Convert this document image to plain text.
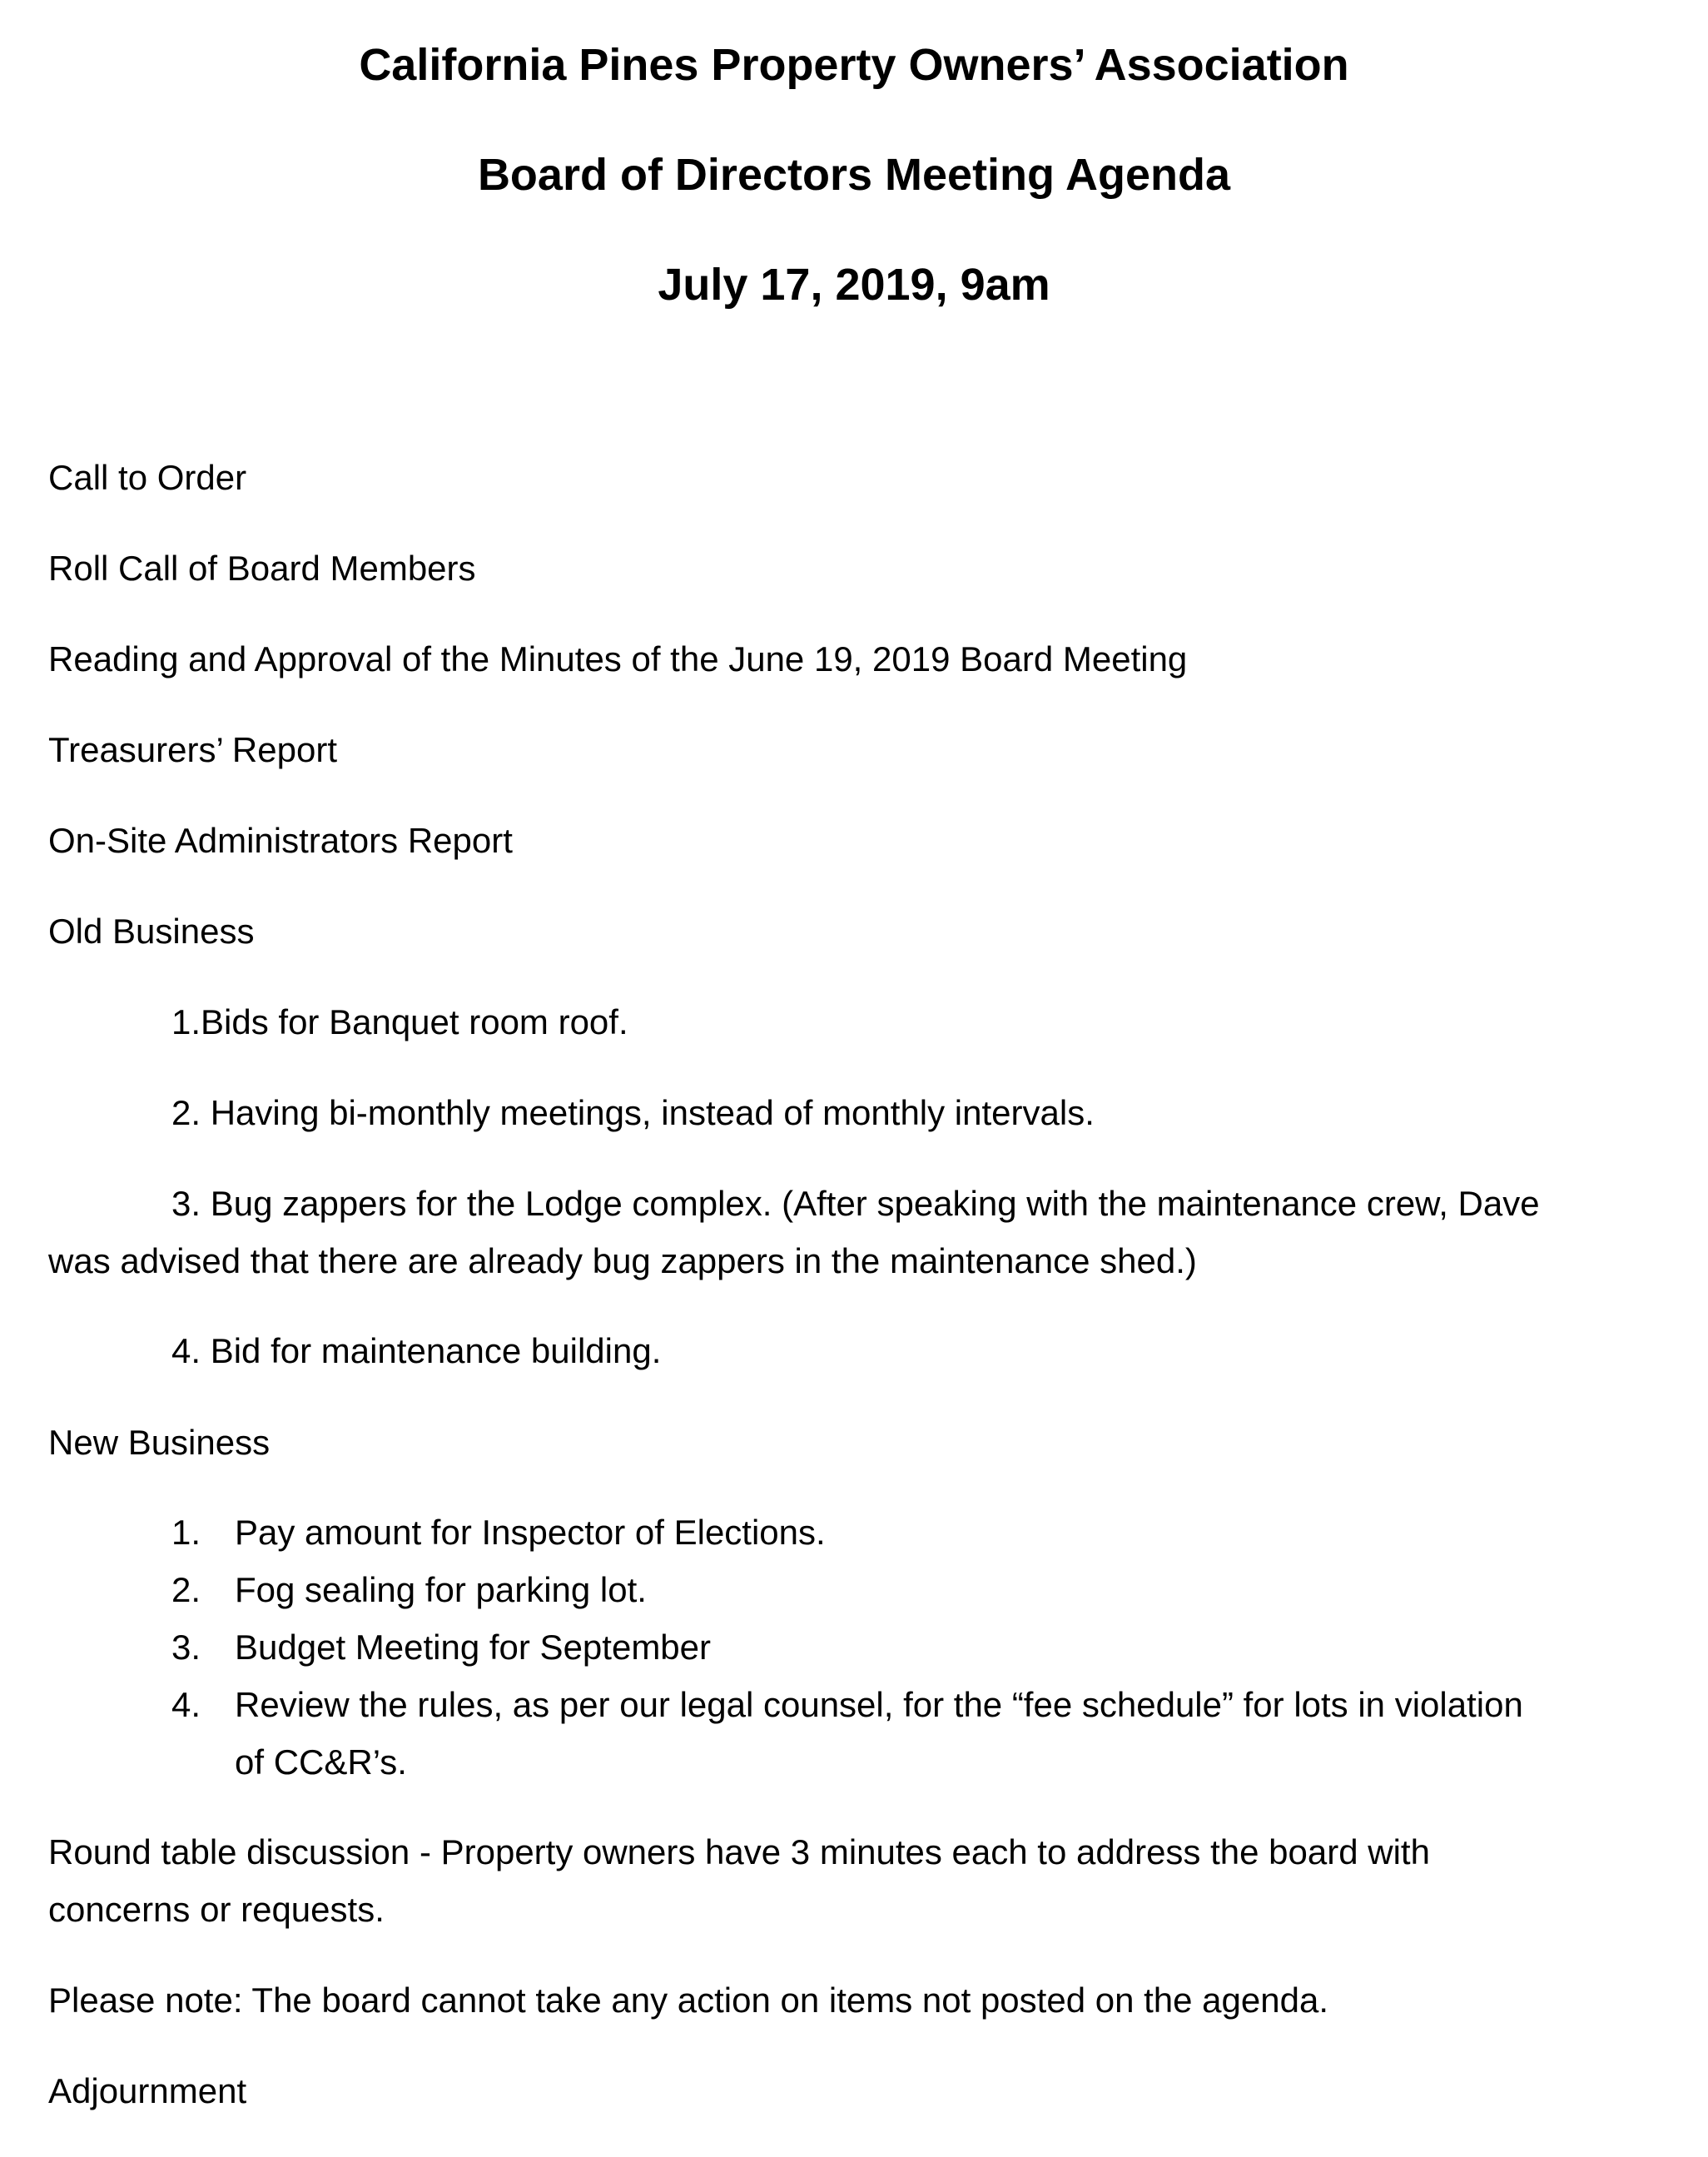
California Pines Property Owners’ Association
Board of Directors Meeting Agenda
July 17, 2019, 9am
Call to Order
Roll Call of Board Members
Reading and Approval of the Minutes of the June 19, 2019 Board Meeting
Treasurers’ Report
On-Site Administrators Report
Old Business
1.Bids for Banquet room roof.
2. Having bi-monthly meetings, instead of monthly intervals.
3. Bug zappers for the Lodge complex. (After speaking with the maintenance crew, Dave
was advised that there are already bug zappers in the maintenance shed.)
4. Bid for maintenance building.
New Business
1. Pay amount for Inspector of Elections.
2. Fog sealing for parking lot.
3. Budget Meeting for September
4. Review the rules, as per our legal counsel, for the “fee schedule” for lots in violation
of CC&R’s.
Round table discussion - Property owners have 3 minutes each to address the board with
concerns or requests.
Please note: The board cannot take any action on items not posted on the agenda.
Adjournment
